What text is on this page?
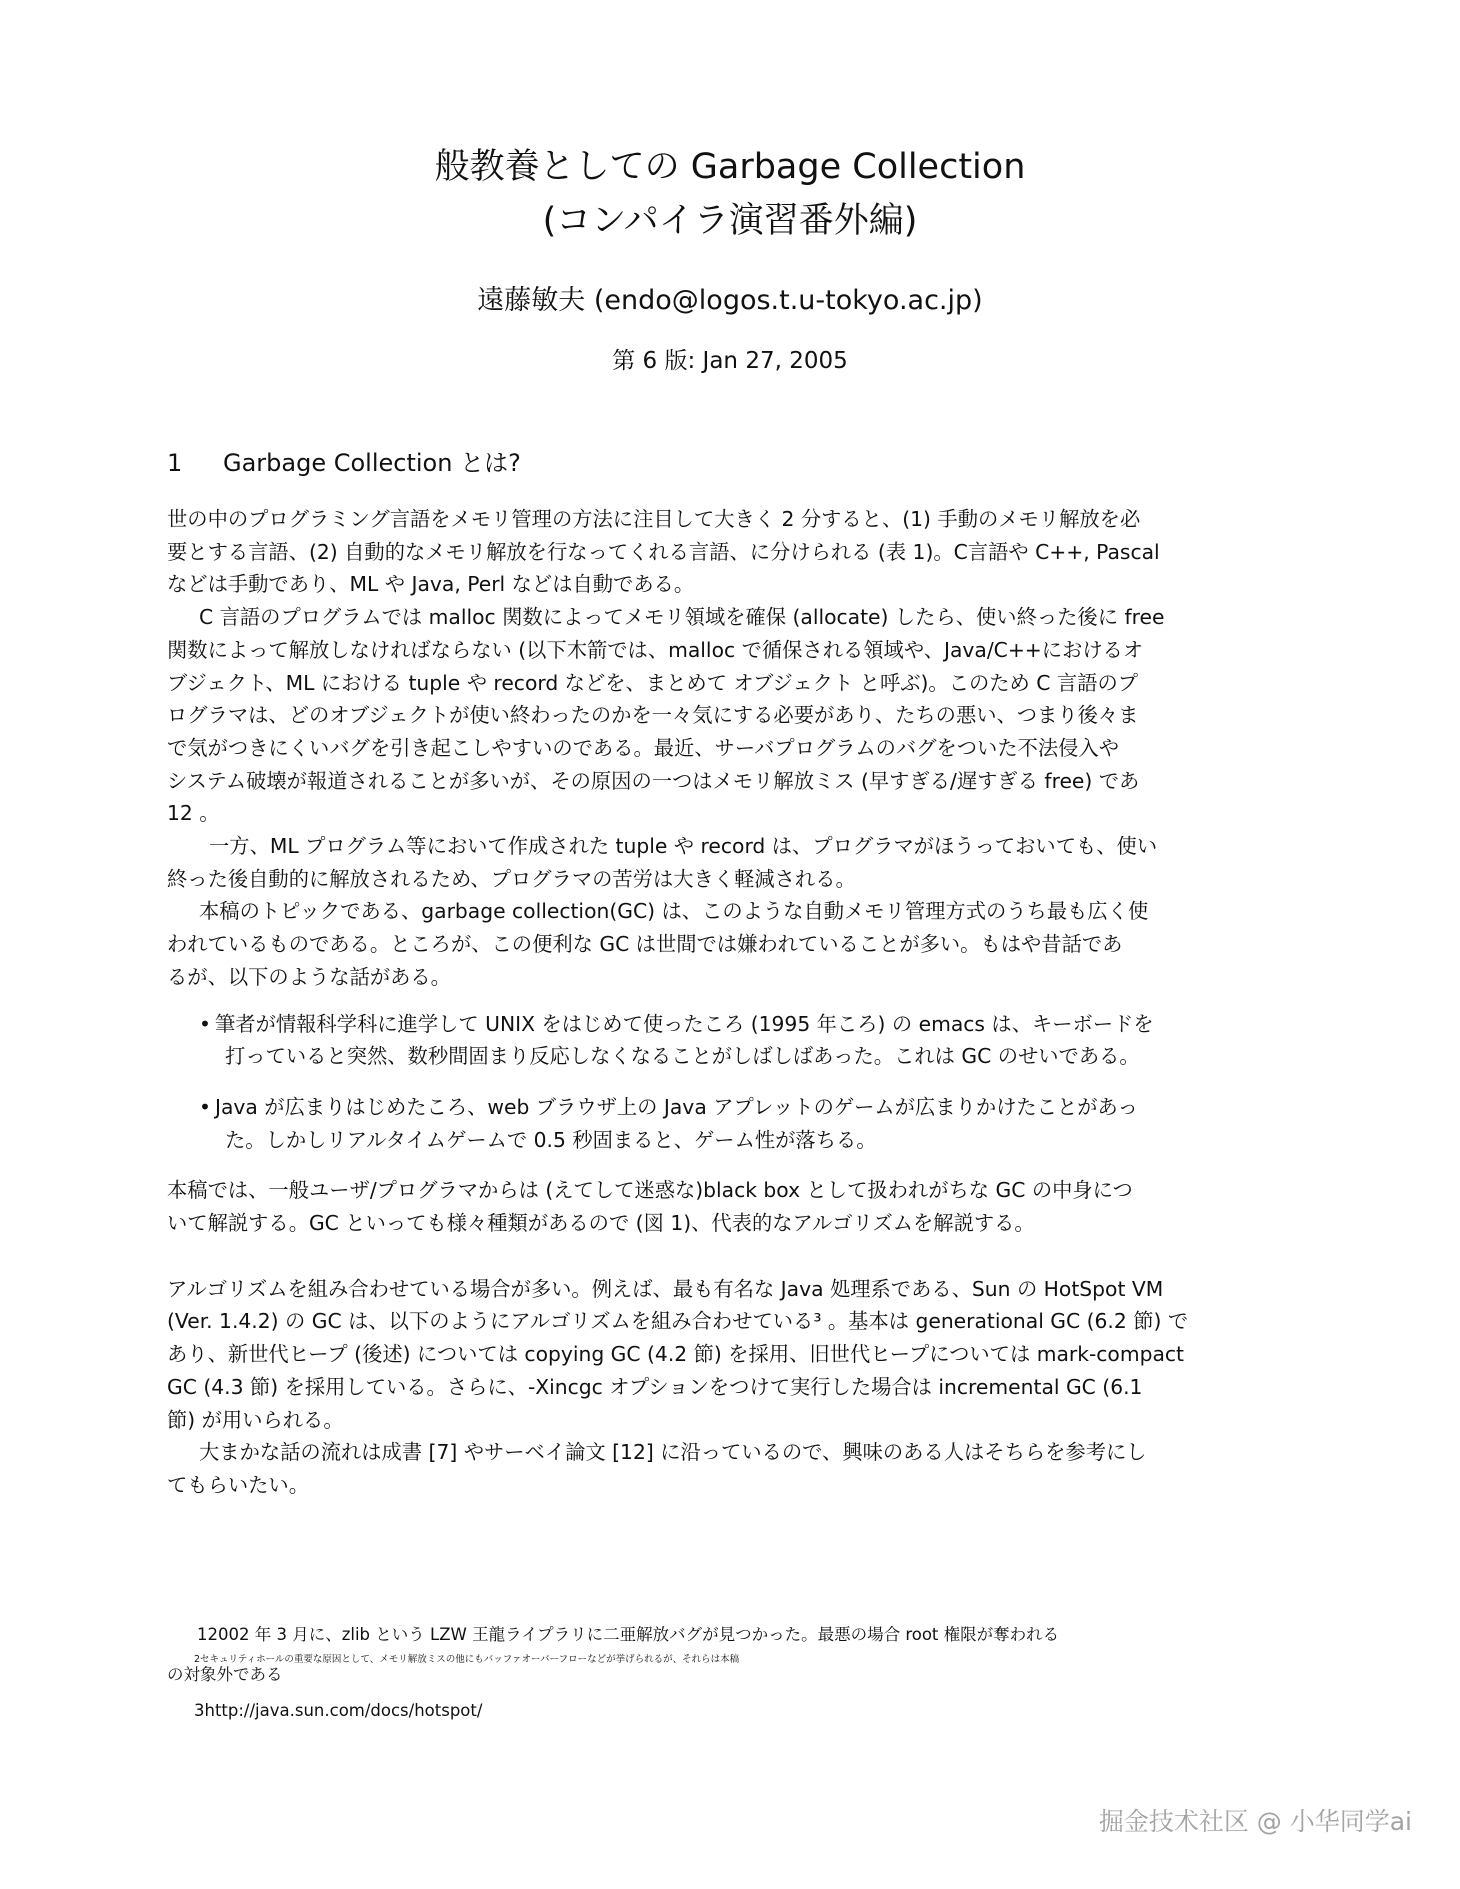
般教養としての Garbage Collection
(コンパイラ演習番外編)
遠藤敏夫 (endo@logos.t.u-tokyo.ac.jp)
第 6 版: Jan 27, 2005
1 Garbage Collection とは?

世の中のプログラミング言語をメモリ管理の方法に注目して大きく 2 分すると、(1) 手動のメモリ解放を必

要とする言語、(2) 自動的なメモリ解放を行なってくれる言語、に分けられる (表 1)。C言語や C++, Pascal

などは手動であり、ML や Java, Perl などは自動である。

C 言語のプログラムでは malloc 関数によってメモリ領域を確保 (allocate) したら、使い終った後に free

関数によって解放しなければならない (以下木箭では、malloc で循保される領域や、Java/C++におけるオ

ブジェクト、ML における tuple や record などを、まとめて オブジェクト と呼ぶ)。このため C 言語のプ

ログラマは、どのオブジェクトが使い終わったのかを一々気にする必要があり、たちの悪い、つまり後々ま

で気がつきにくいバグを引き起こしやすいのである。最近、サーバプログラムのバグをついた不法侵入や

システム破壊が報道されることが多いが、その原因の一つはメモリ解放ミス (早すぎる/遅すぎる free) であ

12 。

一方、ML プログラム等において作成された tuple や record は、プログラマがほうっておいても、使い

終った後自動的に解放されるため、プログラマの苦労は大きく軽減される。

本稿のトピックである、garbage collection(GC) は、このような自動メモリ管理方式のうち最も広く使

われているものである。ところが、この便利な GC は世間では嫌われていることが多い。もはや昔話であ

るが、以下のような話がある。

• 筆者が情報科学科に進学して UNIX をはじめて使ったころ (1995 年ころ) の emacs は、キーボードを
打っていると突然、数秒間固まり反応しなくなることがしばしばあった。これは GC のせいである。
• Java が広まりはじめたころ、web ブラウザ上の Java アプレットのゲームが広まりかけたことがあっ
た。しかしリアルタイムゲームで 0.5 秒固まると、ゲーム性が落ちる。

本稿では、一般ユーザ/プログラマからは (えてして迷惑な)black box として扱われがちな GC の中身につ

いて解説する。GC といっても様々種類があるので (図 1)、代表的なアルゴリズムを解説する。

アルゴリズムを組み合わせている場合が多い。例えば、最も有名な Java 処理系である、Sun の HotSpot VM

(Ver. 1.4.2) の GC は、以下のようにアルゴリズムを組み合わせている³ 。基本は generational GC (6.2 節) で

あり、新世代ヒープ (後述) については copying GC (4.2 節) を採用、旧世代ヒープについては mark-compact

GC (4.3 節) を採用している。さらに、-Xincgc オプションをつけて実行した場合は incremental GC (6.1

節) が用いられる。

大まかな話の流れは成書 [7] やサーベイ論文 [12] に沿っているので、興味のある人はそちらを参考にし

てもらいたい。

12002 年 3 月に、zlib という LZW 王龍ライプラリに二亜解放バグが見つかった。最悪の場合 root 権限が奪われる
2セキュリティホールの重要な原因として、メモリ解放ミスの他にもバッファオーバーフローなどが挙げられるが、それらは本稿
の対象外である
3http://java.sun.com/docs/hotspot/
掘金技术社区 @ 小华同学ai
